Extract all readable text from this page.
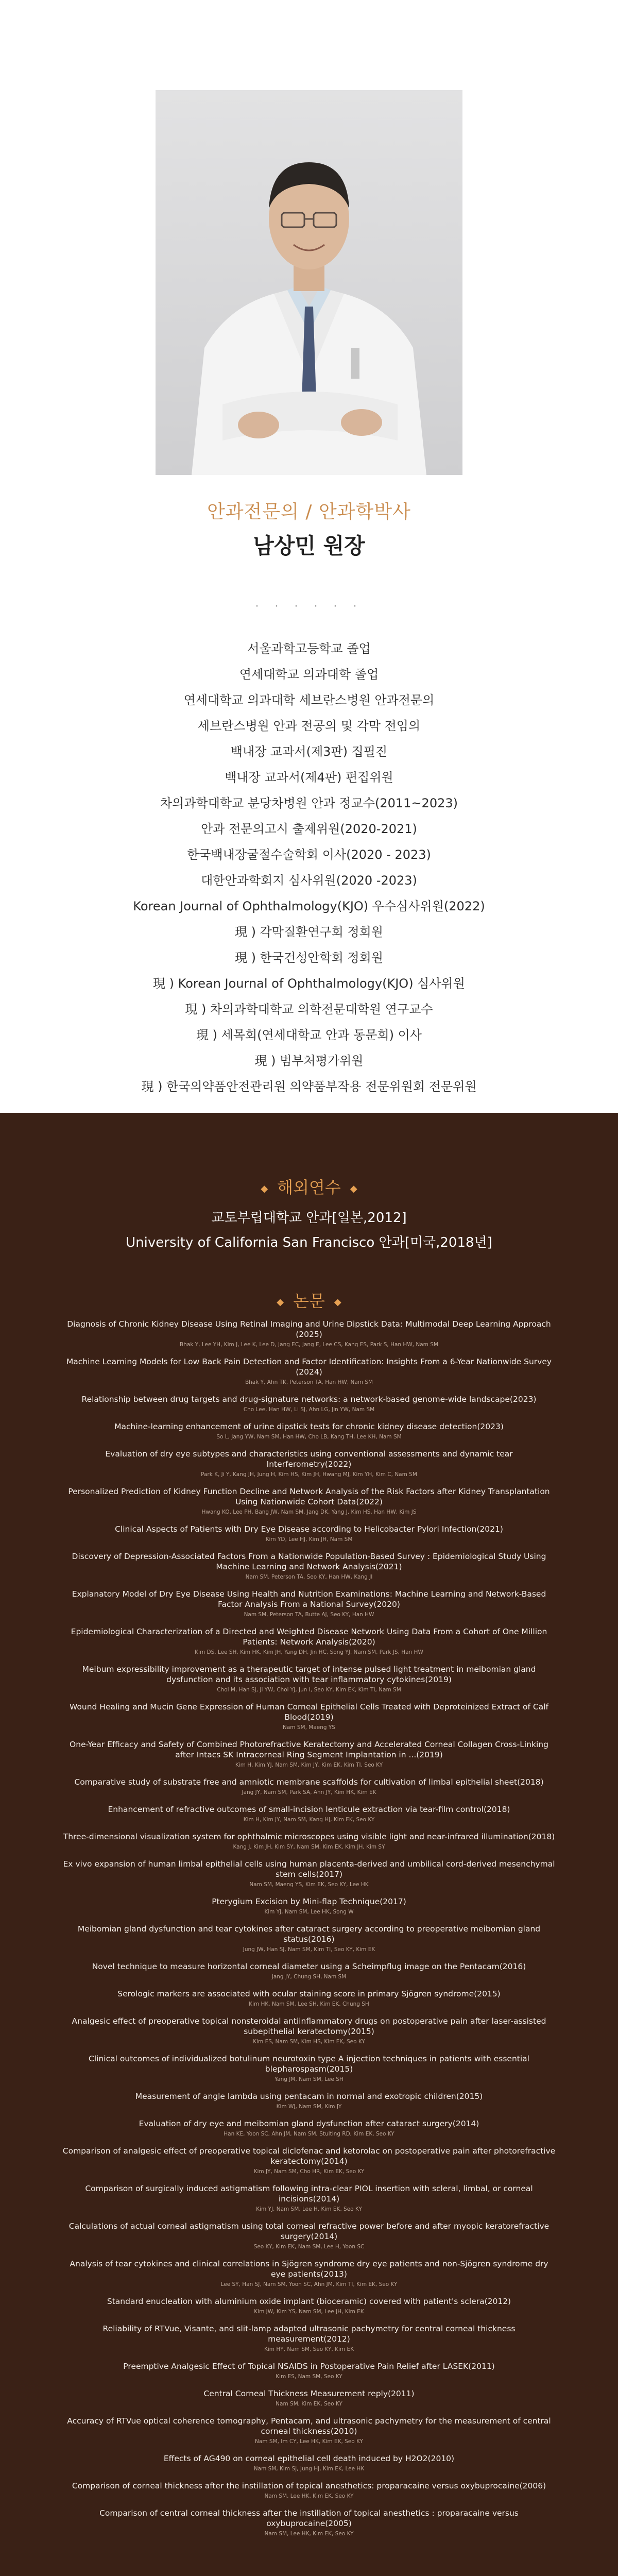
안과전문의 / 안과학박사
남상민 원장
· · · · · ·
서울과학고등학교 졸업
연세대학교 의과대학 졸업
연세대학교 의과대학 세브란스병원 안과전문의
세브란스병원 안과 전공의 및 각막 전임의
백내장 교과서(제3판) 집필진
백내장 교과서(제4판) 편집위원
차의과학대학교 분당차병원 안과 정교수(2011~2023)
안과 전문의고시 출제위원(2020-2021)
한국백내장굴절수술학회 이사(2020 - 2023)
대한안과학회지 심사위원(2020 -2023)
Korean Journal of Ophthalmology(KJO) 우수심사위원(2022)
現 ) 각막질환연구회 정회원
現 ) 한국건성안학회 정회원
現 ) Korean Journal of Ophthalmology(KJO) 심사위원
現 ) 차의과학대학교 의학전문대학원 연구교수
現 ) 세목회(연세대학교 안과 동문회) 이사
現 ) 범부처평가위원
現 ) 한국의약품안전관리원 의약품부작용 전문위원회 전문위원
◆ 해외연수 ◆
교토부립대학교 안과[일본,2012]
University of California San Francisco 안과[미국,2018년]
◆ 논문 ◆
Diagnosis of Chronic Kidney Disease Using Retinal Imaging and Urine Dipstick Data: Multimodal Deep Learning Approach (2025)
Bhak Y, Lee YH, Kim J, Lee K, Lee D, Jang EC, Jang E, Lee CS, Kang ES, Park S, Han HW, Nam SM
Machine Learning Models for Low Back Pain Detection and Factor Identification: Insights From a 6-Year Nationwide Survey (2024)
Bhak Y, Ahn TK, Peterson TA, Han HW, Nam SM
Relationship between drug targets and drug-signature networks: a network-based genome-wide landscape(2023)
Cho Lee, Han HW, Li SJ, Ahn LG, Jin YW, Nam SM
Machine-learning enhancement of urine dipstick tests for chronic kidney disease detection(2023)
So L, Jang YW, Nam SM, Han HW, Cho LB, Kang TH, Lee KH, Nam SM
Evaluation of dry eye subtypes and characteristics using conventional assessments and dynamic tear Interferometry(2022)
Park K, Ji Y, Kang JH, Jung H, Kim HS, Kim JH, Hwang MJ, Kim YH, Kim C, Nam SM
Personalized Prediction of Kidney Function Decline and Network Analysis of the Risk Factors after Kidney Transplantation Using Nationwide Cohort Data(2022)
Hwang KO, Lee PH, Bang JW, Nam SM, Jang DK, Yang J, Kim HS, Han HW, Kim JS
Clinical Aspects of Patients with Dry Eye Disease according to Helicobacter Pylori Infection(2021)
Kim YD, Lee HJ, Kim JH, Nam SM
Discovery of Depression-Associated Factors From a Nationwide Population-Based Survey : Epidemiological Study Using Machine Learning and Network Analysis(2021)
Nam SM, Peterson TA, Seo KY, Han HW, Kang JI
Explanatory Model of Dry Eye Disease Using Health and Nutrition Examinations: Machine Learning and Network-Based Factor Analysis From a National Survey(2020)
Nam SM, Peterson TA, Butte AJ, Seo KY, Han HW
Epidemiological Characterization of a Directed and Weighted Disease Network Using Data From a Cohort of One Million Patients: Network Analysis(2020)
Kim DS, Lee SH, Kim HK, Kim JH, Yang DH, Jin HC, Song YJ, Nam SM, Park JS, Han HW
Meibum expressibility improvement as a therapeutic target of intense pulsed light treatment in meibomian gland dysfunction and its association with tear inflammatory cytokines(2019)
Choi M, Han SJ, Ji YW, Choi YJ, Jun I, Seo KY, Kim EK, Kim TI, Nam SM
Wound Healing and Mucin Gene Expression of Human Corneal Epithelial Cells Treated with Deproteinized Extract of Calf Blood(2019)
Nam SM, Maeng YS
One-Year Efficacy and Safety of Combined Photorefractive Keratectomy and Accelerated Corneal Collagen Cross-Linking after Intacs SK Intracorneal Ring Segment Implantation in ...(2019)
Kim H, Kim YJ, Nam SM, Kim JY, Kim EK, Kim TI, Seo KY
Comparative study of substrate free and amniotic membrane scaffolds for cultivation of limbal epithelial sheet(2018)
Jang JY, Nam SM, Park SA, Ahn JY, Kim HK, Kim EK
Enhancement of refractive outcomes of small-incision lenticule extraction via tear-film control(2018)
Kim H, Kim JY, Nam SM, Kang HJ, Kim EK, Seo KY
Three-dimensional visualization system for ophthalmic microscopes using visible light and near-infrared illumination(2018)
Kang J, Kim JH, Kim SY, Nam SM, Kim EK, Kim JH, Kim SY
Ex vivo expansion of human limbal epithelial cells using human placenta-derived and umbilical cord-derived mesenchymal stem cells(2017)
Nam SM, Maeng YS, Kim EK, Seo KY, Lee HK
Pterygium Excision by Mini-flap Technique(2017)
Kim YJ, Nam SM, Lee HK, Song W
Meibomian gland dysfunction and tear cytokines after cataract surgery according to preoperative meibomian gland status(2016)
Jung JW, Han SJ, Nam SM, Kim TI, Seo KY, Kim EK
Novel technique to measure horizontal corneal diameter using a Scheimpflug image on the Pentacam(2016)
Jang JY, Chung SH, Nam SM
Serologic markers are associated with ocular staining score in primary Sjögren syndrome(2015)
Kim HK, Nam SM, Lee SH, Kim EK, Chung SH
Analgesic effect of preoperative topical nonsteroidal antiinflammatory drugs on postoperative pain after laser-assisted subepithelial keratectomy(2015)
Kim ES, Nam SM, Kim HS, Kim EK, Seo KY
Clinical outcomes of individualized botulinum neurotoxin type A injection techniques in patients with essential blepharospasm(2015)
Yang JM, Nam SM, Lee SH
Measurement of angle lambda using pentacam in normal and exotropic children(2015)
Kim WJ, Nam SM, Kim JY
Evaluation of dry eye and meibomian gland dysfunction after cataract surgery(2014)
Han KE, Yoon SC, Ahn JM, Nam SM, Stulting RD, Kim EK, Seo KY
Comparison of analgesic effect of preoperative topical diclofenac and ketorolac on postoperative pain after photorefractive keratectomy(2014)
Kim JY, Nam SM, Cho HR, Kim EK, Seo KY
Comparison of surgically induced astigmatism following intra-clear PIOL insertion with scleral, limbal, or corneal incisions(2014)
Kim YJ, Nam SM, Lee H, Kim EK, Seo KY
Calculations of actual corneal astigmatism using total corneal refractive power before and after myopic keratorefractive surgery(2014)
Seo KY, Kim EK, Nam SM, Lee H, Yoon SC
Analysis of tear cytokines and clinical correlations in Sjögren syndrome dry eye patients and non-Sjögren syndrome dry eye patients(2013)
Lee SY, Han SJ, Nam SM, Yoon SC, Ahn JM, Kim TI, Kim EK, Seo KY
Standard enucleation with aluminium oxide implant (bioceramic) covered with patient's sclera(2012)
Kim JW, Kim YS, Nam SM, Lee JH, Kim EK
Reliability of RTVue, Visante, and slit-lamp adapted ultrasonic pachymetry for central corneal thickness measurement(2012)
Kim HY, Nam SM, Seo KY, Kim EK
Preemptive Analgesic Effect of Topical NSAIDS in Postoperative Pain Relief after LASEK(2011)
Kim ES, Nam SM, Seo KY
Central Corneal Thickness Measurement reply(2011)
Nam SM, Kim EK, Seo KY
Accuracy of RTVue optical coherence tomography, Pentacam, and ultrasonic pachymetry for the measurement of central corneal thickness(2010)
Nam SM, Im CY, Lee HK, Kim EK, Seo KY
Effects of AG490 on corneal epithelial cell death induced by H2O2(2010)
Nam SM, Kim SJ, Jung HJ, Kim EK, Lee HK
Comparison of corneal thickness after the instillation of topical anesthetics: proparacaine versus oxybuprocaine(2006)
Nam SM, Lee HK, Kim EK, Seo KY
Comparison of central corneal thickness after the instillation of topical anesthetics : proparacaine versus oxybuprocaine(2005)
Nam SM, Lee HK, Kim EK, Seo KY
